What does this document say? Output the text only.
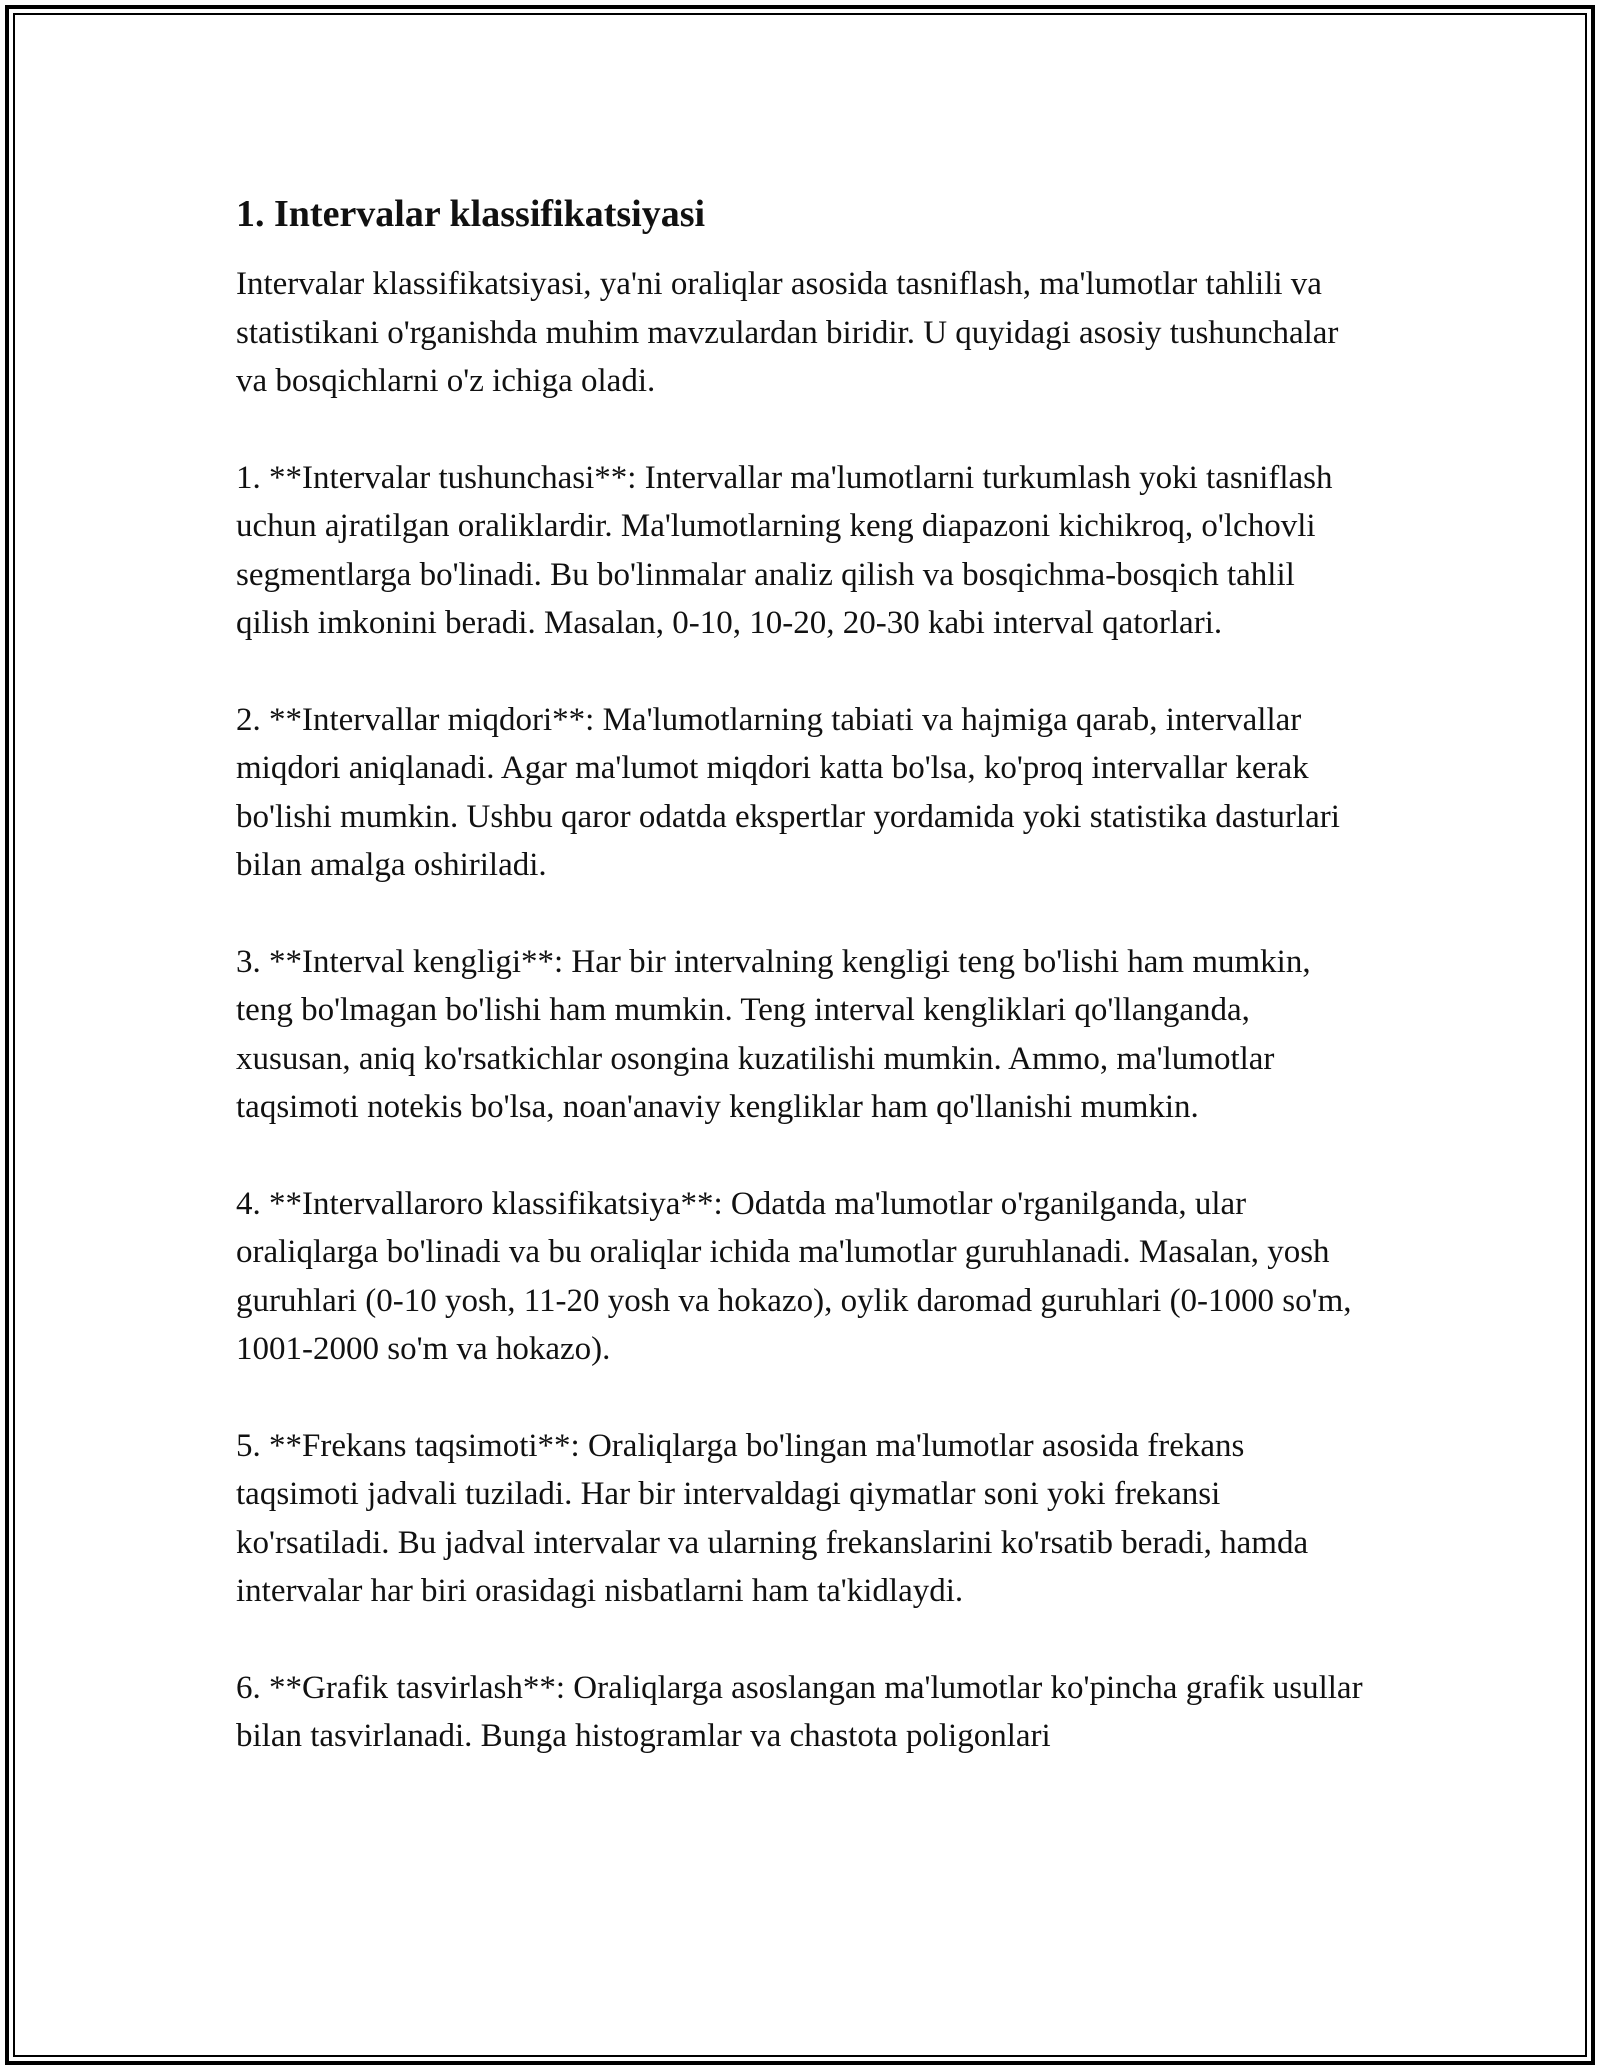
1. Intervalar klassifikatsiyasi

Intervalar klassifikatsiyasi, ya'ni oraliqlar asosida tasniflash, ma'lumotlar tahlili va statistikani o'rganishda muhim mavzulardan biridir. U quyidagi asosiy tushunchalar va bosqichlarni o'z ichiga oladi.

1. **Intervalar tushunchasi**: Intervallar ma'lumotlarni turkumlash yoki tasniflash uchun ajratilgan oraliklardir. Ma'lumotlarning keng diapazoni kichikroq, o'lchovli segmentlarga bo'linadi. Bu bo'linmalar analiz qilish va bosqichma-bosqich tahlil qilish imkonini beradi. Masalan, 0-10, 10-20, 20-30 kabi interval qatorlari.

2. **Intervallar miqdori**: Ma'lumotlarning tabiati va hajmiga qarab, intervallar miqdori aniqlanadi. Agar ma'lumot miqdori katta bo'lsa, ko'proq intervallar kerak bo'lishi mumkin. Ushbu qaror odatda ekspertlar yordamida yoki statistika dasturlari bilan amalga oshiriladi.

3. **Interval kengligi**: Har bir intervalning kengligi teng bo'lishi ham mumkin, teng bo'lmagan bo'lishi ham mumkin. Teng interval kengliklari qo'llanganda, xususan, aniq ko'rsatkichlar osongina kuzatilishi mumkin. Ammo, ma'lumotlar taqsimoti notekis bo'lsa, noan'anaviy kengliklar ham qo'llanishi mumkin.

4. **Intervallaroro klassifikatsiya**: Odatda ma'lumotlar o'rganilganda, ular oraliqlarga bo'linadi va bu oraliqlar ichida ma'lumotlar guruhlanadi. Masalan, yosh guruhlari (0-10 yosh, 11-20 yosh va hokazo), oylik daromad guruhlari (0-1000 so'm, 1001-2000 so'm va hokazo).

5. **Frekans taqsimoti**: Oraliqlarga bo'lingan ma'lumotlar asosida frekans taqsimoti jadvali tuziladi. Har bir intervaldagi qiymatlar soni yoki frekansi ko'rsatiladi. Bu jadval intervalar va ularning frekanslarini ko'rsatib beradi, hamda intervalar har biri orasidagi nisbatlarni ham ta'kidlaydi.

6. **Grafik tasvirlash**: Oraliqlarga asoslangan ma'lumotlar ko'pincha grafik usullar bilan tasvirlanadi. Bunga histogramlar va chastota poligonlari
